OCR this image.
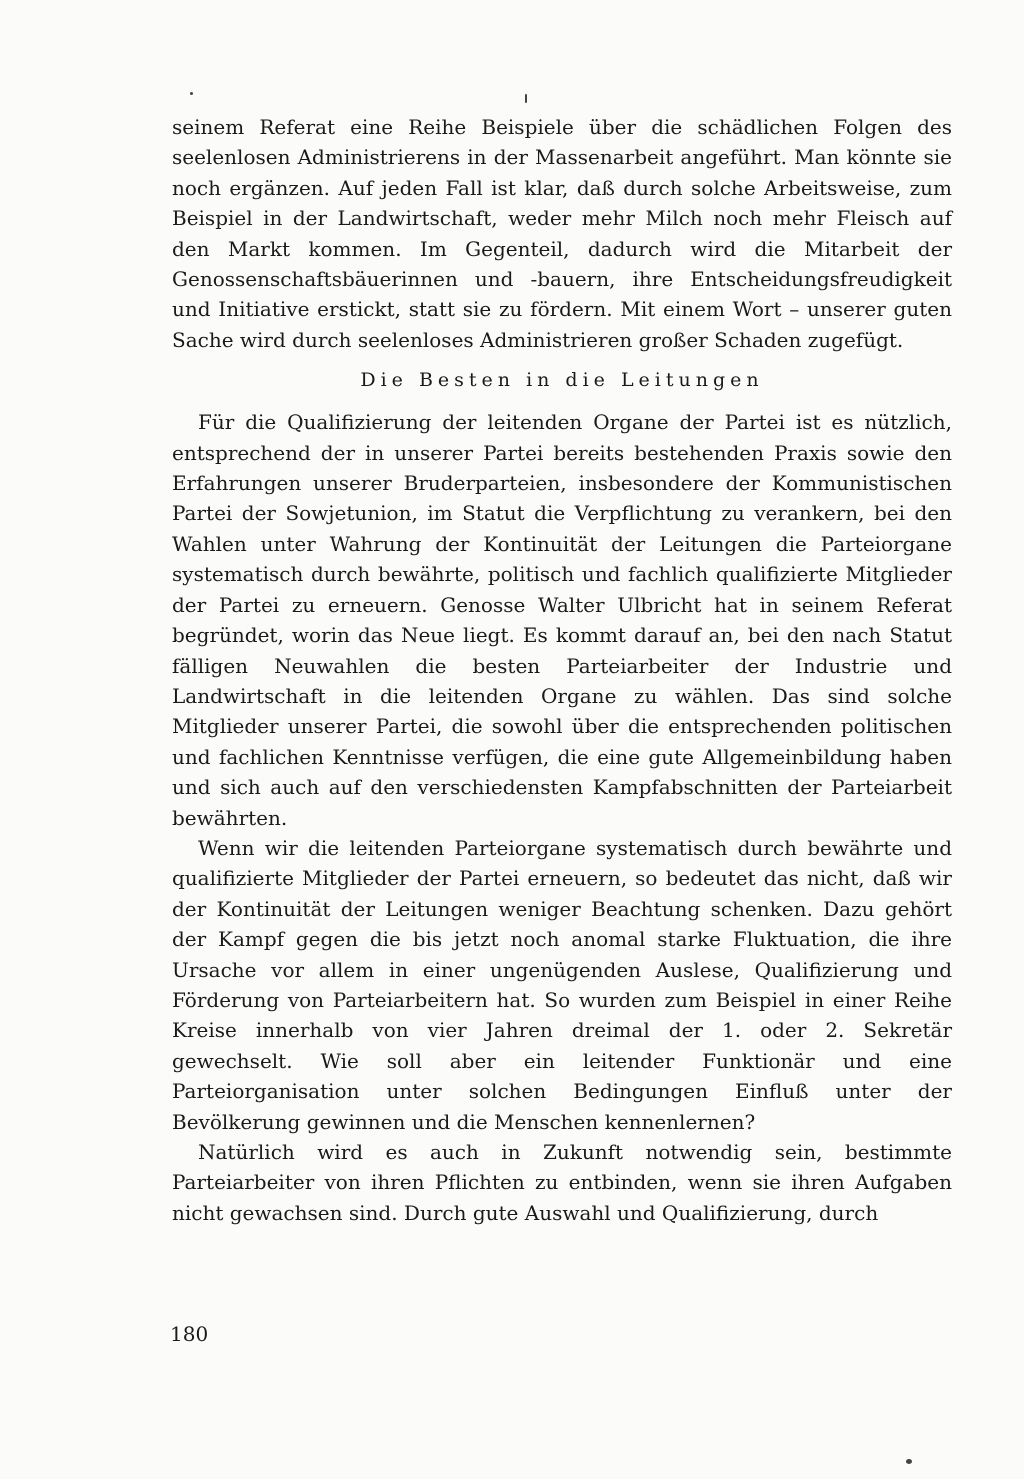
seinem Referat eine Reihe Beispiele über die schädlichen Folgen des seelenlosen Administrierens in der Massenarbeit angeführt. Man könnte sie noch ergänzen. Auf jeden Fall ist klar, daß durch solche Arbeitsweise, zum Beispiel in der Landwirtschaft, weder mehr Milch noch mehr Fleisch auf den Markt kommen. Im Gegenteil, dadurch wird die Mitarbeit der Genossenschaftsbäuerinnen und -bauern, ihre Entscheidungsfreudigkeit und Initiative erstickt, statt sie zu fördern. Mit einem Wort – unserer guten Sache wird durch seelenloses Administrieren großer Schaden zugefügt.

Die Besten in die Leitungen

Für die Qualifizierung der leitenden Organe der Partei ist es nützlich, entsprechend der in unserer Partei bereits bestehenden Praxis sowie den Erfahrungen unserer Bruderparteien, insbesondere der Kommunistischen Partei der Sowjetunion, im Statut die Verpflichtung zu verankern, bei den Wahlen unter Wahrung der Kontinuität der Leitungen die Parteiorgane systematisch durch bewährte, politisch und fachlich qualifizierte Mitglieder der Partei zu erneuern. Genosse Walter Ulbricht hat in seinem Referat begründet, worin das Neue liegt. Es kommt darauf an, bei den nach Statut fälligen Neuwahlen die besten Parteiarbeiter der Industrie und Landwirtschaft in die leitenden Organe zu wählen. Das sind solche Mitglieder unserer Partei, die sowohl über die entsprechenden politischen und fachlichen Kenntnisse verfügen, die eine gute Allgemeinbildung haben und sich auch auf den verschiedensten Kampfabschnitten der Parteiarbeit bewährten.

Wenn wir die leitenden Parteiorgane systematisch durch bewährte und qualifizierte Mitglieder der Partei erneuern, so bedeutet das nicht, daß wir der Kontinuität der Leitungen weniger Beachtung schenken. Dazu gehört der Kampf gegen die bis jetzt noch anomal starke Fluktuation, die ihre Ursache vor allem in einer ungenügenden Auslese, Qualifizierung und Förderung von Parteiarbeitern hat. So wurden zum Beispiel in einer Reihe Kreise innerhalb von vier Jahren dreimal der 1. oder 2. Sekretär gewechselt. Wie soll aber ein leitender Funktionär und eine Parteiorganisation unter solchen Bedingungen Einfluß unter der Bevölkerung gewinnen und die Menschen kennenlernen?

Natürlich wird es auch in Zukunft notwendig sein, bestimmte Parteiarbeiter von ihren Pflichten zu entbinden, wenn sie ihren Aufgaben nicht gewachsen sind. Durch gute Auswahl und Qualifizierung, durch

180
